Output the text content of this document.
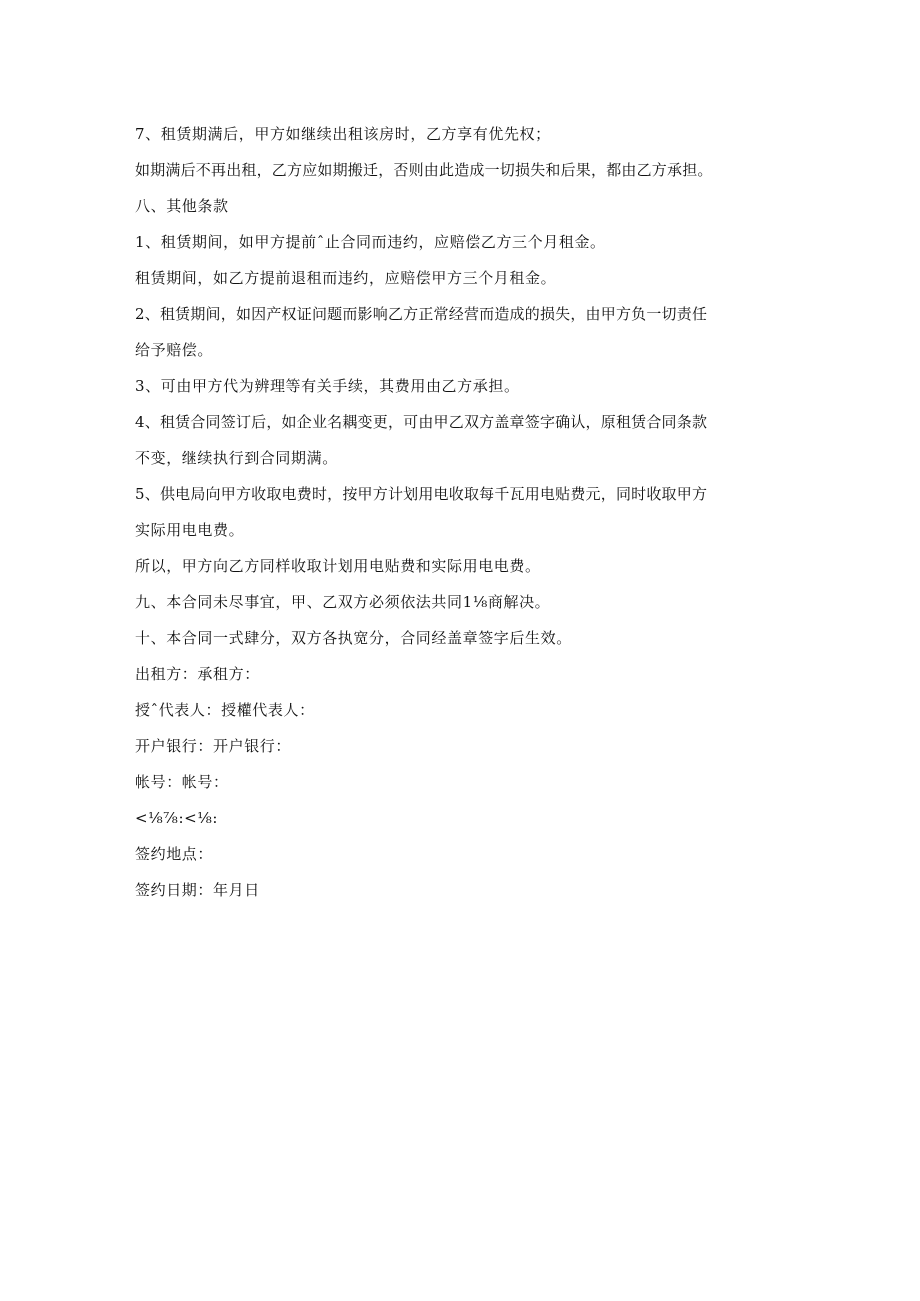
7、租赁期满后，甲方如继续出租该房时，乙方享有优先权；
如期满后不再出租，乙方应如期搬迁，否则由此造成一切损失和后果，都由乙方承担。
八、其他条款
1、租赁期间，如甲方提前ˆ止合同而违约，应赔偿乙方三个月租金。
租赁期间，如乙方提前退租而违约，应赔偿甲方三个月租金。
2、租赁期间，如因产权证问题而影响乙方正常经营而造成的损失，由甲方负一切责任
给予赔偿。
3、可由甲方代为辨理等有关手续，其费用由乙方承担。
4、租赁合同签订后，如企业名耦变更，可由甲乙双方盖章签字确认，原租赁合同条款
不变，继续执行到合同期满。
5、供电局向甲方收取电费时，按甲方计划用电收取每千瓦用电贴费元，同时收取甲方
实际用电电费。
所以，甲方向乙方同样收取计划用电贴费和实际用电电费。
九、本合同未尽事宜，甲、乙双方必须依法共同1⅛商解决。
十、本合同一式肆分，双方各执宽分，合同经盖章签字后生效。
出租方：承租方：
授ˆ代表人：授權代表人：
开户银行：开户银行：
帐号：帐号：
<⅛⅞:<⅛:
签约地点：
签约日期：年月日
